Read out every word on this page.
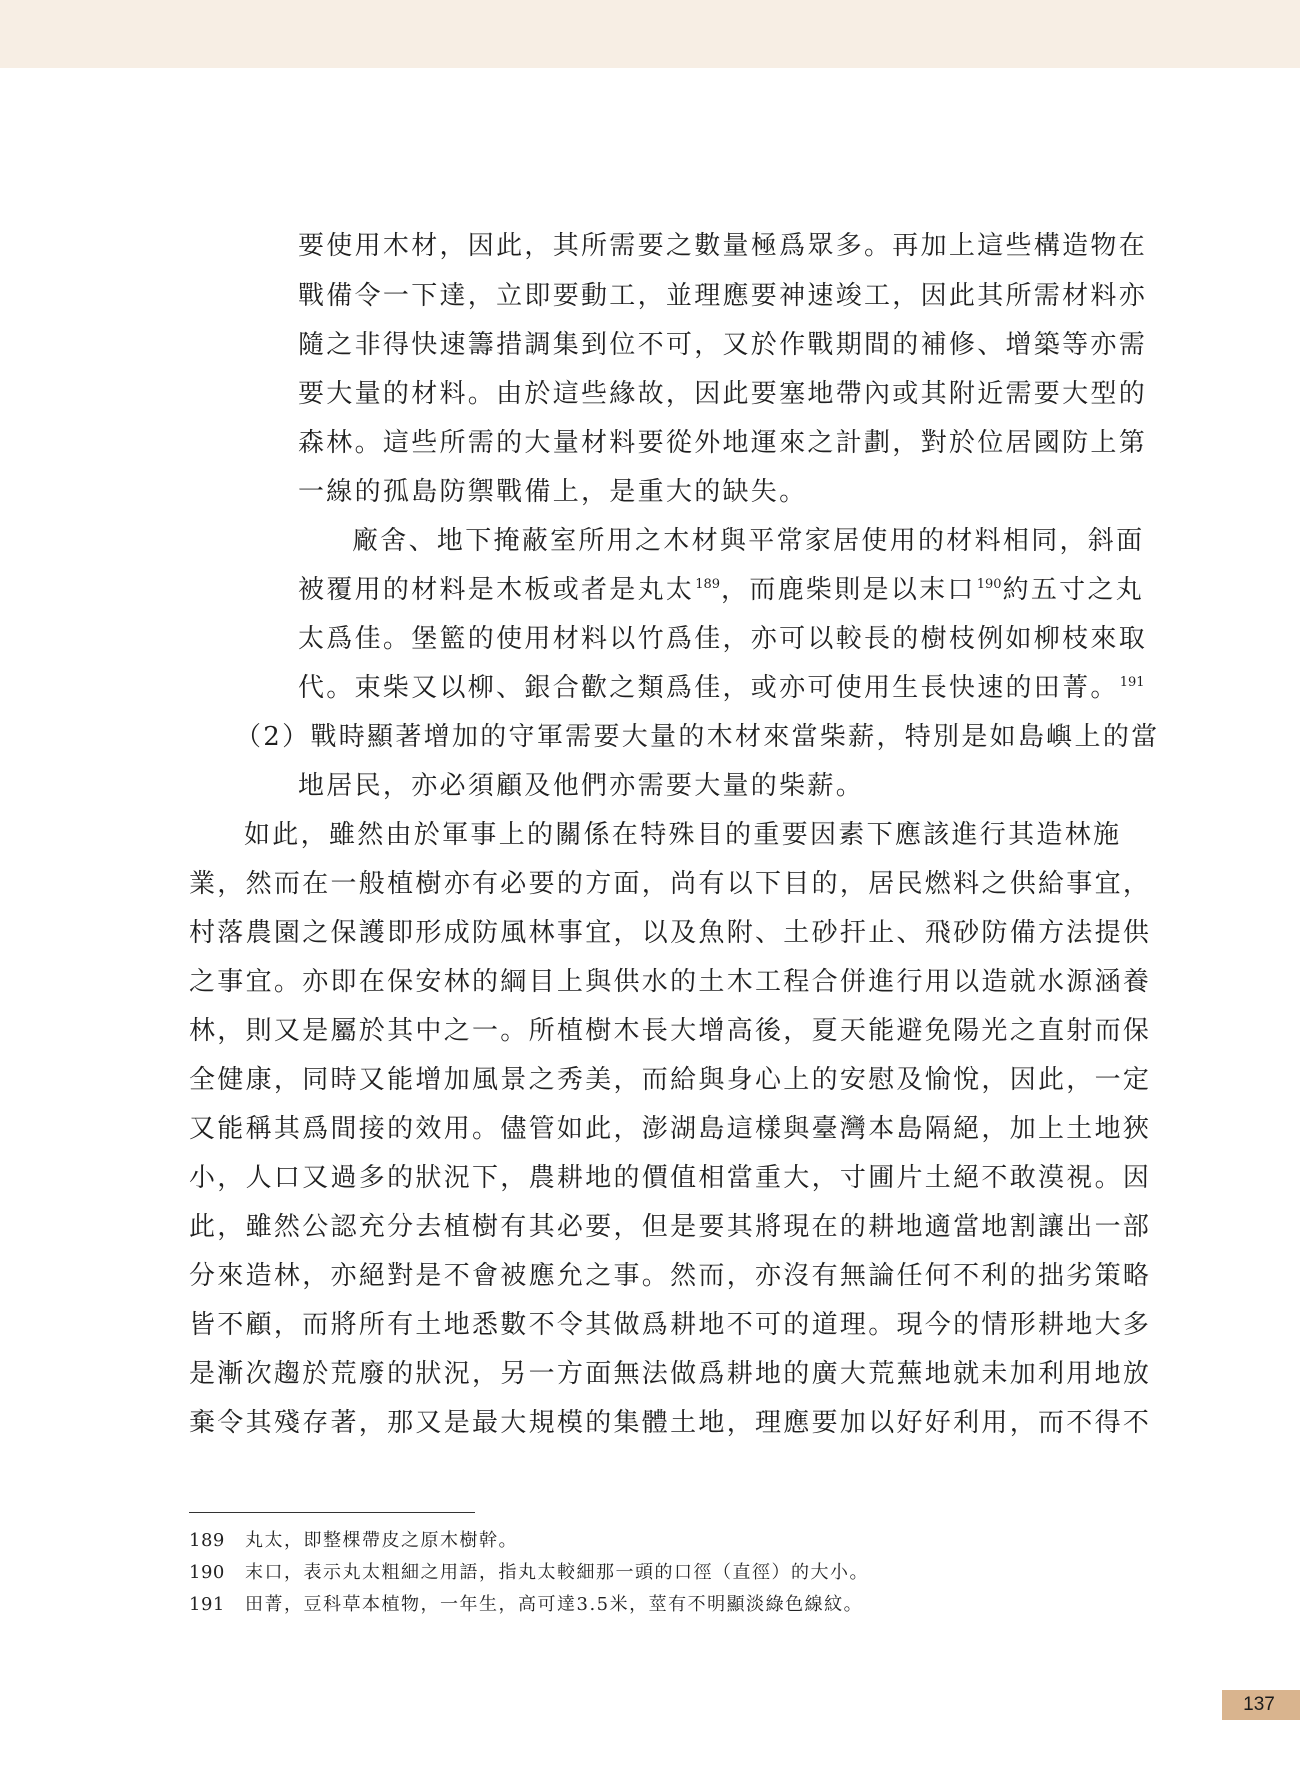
要使用木材，因此，其所需要之數量極爲眾多。再加上這些構造物在

戰備令一下達，立即要動工，並理應要神速竣工，因此其所需材料亦

隨之非得快速籌措調集到位不可，又於作戰期間的補修、增築等亦需

要大量的材料。由於這些緣故，因此要塞地帶內或其附近需要大型的

森林。這些所需的大量材料要從外地運來之計劃，對於位居國防上第

一線的孤島防禦戰備上，是重大的缺失。

廠舍、地下掩蔽室所用之木材與平常家居使用的材料相同，斜面

被覆用的材料是木板或者是丸太$^{189}$，而鹿柴則是以末口$^{190}$約五寸之丸

太爲佳。堡籃的使用材料以竹爲佳，亦可以較長的樹枝例如柳枝來取

代。束柴又以柳、銀合歡之類爲佳，或亦可使用生長快速的田菁。$^{191}$

（2）戰時顯著增加的守軍需要大量的木材來當柴薪，特別是如島嶼上的當

地居民，亦必須顧及他們亦需要大量的柴薪。

如此，雖然由於軍事上的關係在特殊目的重要因素下應該進行其造林施

業，然而在一般植樹亦有必要的方面，尚有以下目的，居民燃料之供給事宜，

村落農園之保護即形成防風林事宜，以及魚附、土砂扞止、飛砂防備方法提供

之事宜。亦即在保安林的綱目上與供水的土木工程合併進行用以造就水源涵養

林，則又是屬於其中之一。所植樹木長大增高後，夏天能避免陽光之直射而保

全健康，同時又能增加風景之秀美，而給與身心上的安慰及愉悅，因此，一定

又能稱其爲間接的效用。儘管如此，澎湖島這樣與臺灣本島隔絕，加上土地狹

小，人口又過多的狀況下，農耕地的價值相當重大，寸圃片土絕不敢漠視。因

此，雖然公認充分去植樹有其必要，但是要其將現在的耕地適當地割讓出一部

分來造林，亦絕對是不會被應允之事。然而，亦沒有無論任何不利的拙劣策略

皆不顧，而將所有土地悉數不令其做爲耕地不可的道理。現今的情形耕地大多

是漸次趨於荒廢的狀況，另一方面無法做爲耕地的廣大荒蕪地就未加利用地放

棄令其殘存著，那又是最大規模的集體土地，理應要加以好好利用，而不得不

189 丸太，即整棵帶皮之原木樹幹。

190 末口，表示丸太粗細之用語，指丸太較細那一頭的口徑（直徑）的大小。

191 田菁，豆科草本植物，一年生，高可達3.5米，莖有不明顯淡綠色線紋。

137
